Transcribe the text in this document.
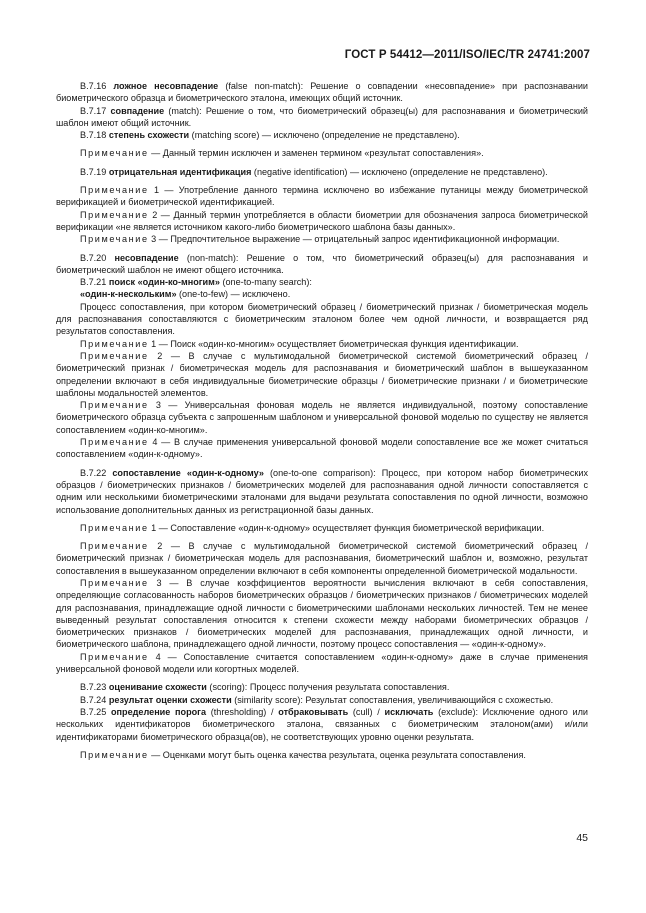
ГОСТ Р 54412—2011/ISO/IEC/TR 24741:2007

B.7.16 ложное несовпадение (false non-match): Решение о совпадении «несовпадение» при распознавании биометрического образца и биометрического эталона, имеющих общий источник.

B.7.17 совпадение (match): Решение о том, что биометрический образец(ы) для распознавания и биометрический шаблон имеют общий источник.

B.7.18 степень схожести (matching score) — исключено (определение не представлено).

Примечание — Данный термин исключен и заменен термином «результат сопоставления».

B.7.19 отрицательная идентификация (negative identification) — исключено (определение не представлено).

Примечание 1 — Употребление данного термина исключено во избежание путаницы между биометрической верификацией и биометрической идентификацией.

Примечание 2 — Данный термин употребляется в области биометрии для обозначения запроса биометрической верификации «не является источником какого-либо биометрического шаблона базы данных».

Примечание 3 — Предпочтительное выражение — отрицательный запрос идентификационной информации.

B.7.20 несовпадение (non-match): Решение о том, что биометрический образец(ы) для распознавания и биометрический шаблон не имеют общего источника.

B.7.21 поиск «один-ко-многим» (one-to-many search):

«один-к-нескольким» (one-to-few) — исключено.

Процесс сопоставления, при котором биометрический образец / биометрический признак / биометрическая модель для распознавания сопоставляются с биометрическим эталоном более чем одной личности, и возвращается ряд результатов сопоставления.

Примечание 1 — Поиск «один-ко-многим» осуществляет биометрическая функция идентификации.

Примечание 2 — В случае с мультимодальной биометрической системой биометрический образец / биометрический признак / биометрическая модель для распознавания и биометрический шаблон в вышеуказанном определении включают в себя индивидуальные биометрические образцы / биометрические признаки / и биометрические шаблоны модальностей элементов.

Примечание 3 — Универсальная фоновая модель не является индивидуальной, поэтому сопоставление биометрического образца субъекта с запрошенным шаблоном и универсальной фоновой моделью по существу не является сопоставлением «один-ко-многим».

Примечание 4 — В случае применения универсальной фоновой модели сопоставление все же может считаться сопоставлением «один-к-одному».

B.7.22 сопоставление «один-к-одному» (one-to-one comparison): Процесс, при котором набор биометрических образцов / биометрических признаков / биометрических моделей для распознавания одной личности сопоставляется с одним или несколькими биометрическими эталонами для выдачи результата сопоставления по одной личности, возможно использование дополнительных данных из регистрационной базы данных.

Примечание 1 — Сопоставление «один-к-одному» осуществляет функция биометрической верификации.

Примечание 2 — В случае с мультимодальной биометрической системой биометрический образец / биометрический признак / биометрическая модель для распознавания, биометрический шаблон и, возможно, результат сопоставления в вышеуказанном определении включают в себя компоненты определенной биометрической модальности.

Примечание 3 — В случае коэффициентов вероятности вычисления включают в себя сопоставления, определяющие согласованность наборов биометрических образцов / биометрических признаков / биометрических моделей для распознавания, принадлежащие одной личности с биометрическими шаблонами нескольких личностей. Тем не менее выведенный результат сопоставления относится к степени схожести между наборами биометрических образцов / биометрических признаков / биометрических моделей для распознавания, принадлежащих одной личности, и биометрического шаблона, принадлежащего одной личности, поэтому процесс сопоставления — «один-к-одному».

Примечание 4 — Сопоставление считается сопоставлением «один-к-одному» даже в случае применения универсальной фоновой модели или когортных моделей.

B.7.23 оценивание схожести (scoring): Процесс получения результата сопоставления.

B.7.24 результат оценки схожести (similarity score): Результат сопоставления, увеличивающийся с схожестью.

B.7.25 определение порога (thresholding) / отбраковывать (cull) / исключать (exclude): Исключение одного или нескольких идентификаторов биометрического эталона, связанных с биометрическим эталоном(ами) и/или идентификаторами биометрического образца(ов), не соответствующих уровню оценки результата.

Примечание — Оценками могут быть оценка качества результата, оценка результата сопоставления.

45
